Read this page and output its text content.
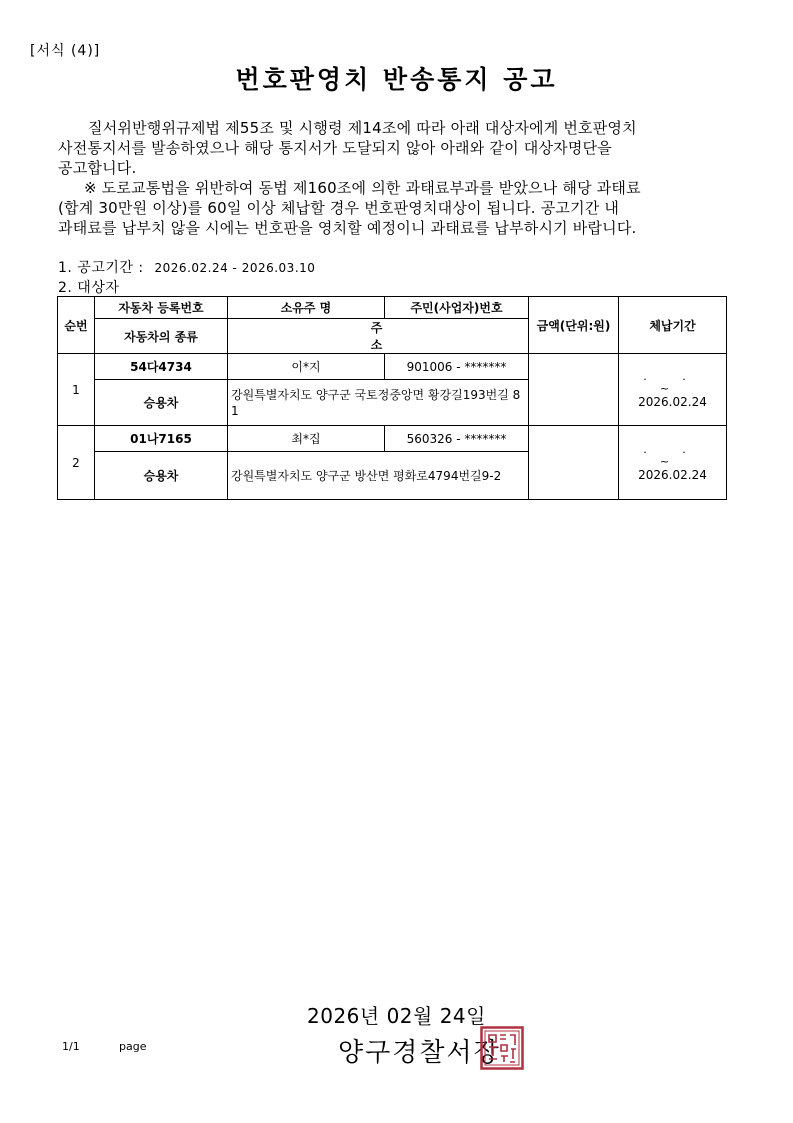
[서식 (4)]
번호판영치 반송통지 공고
질서위반행위규제법 제55조 및 시행령 제14조에 따라 아래 대상자에게 번호판영치
사전통지서를 발송하였으나 해당 통지서가 도달되지 않아 아래와 같이 대상자명단을
공고합니다.
※ 도로교통법을 위반하여 동법 제160조에 의한 과태료부과를 받았으나 해당 과태료
(합계 30만원 이상)를 60일 이상 체납할 경우 번호판영치대상이 됩니다. 공고기간 내
과태료를 납부치 않을 시에는 번호판을 영치할 예정이니 과태료를 납부하시기 바랍니다.
1. 공고기간 : 2026.02.24 - 2026.03.10
2. 대상자
순번	자동차 등록번호	소유주 명	주민(사업자)번호	금액(단위:원)	체납기간
	자동차의 종류	주 소			
1	54다4734	이*지	901006 - *******		. . ~
2026.02.24

	승용차	강원특별자치도 양구군 국토정중앙면 황강길193번길 81			
2	01나7165	최*집	560326 - *******		. . ~
2026.02.24

	승용차	강원특별자치도 양구군 방산면 평화로4794번길9-2			
2026년 02월 24일
1/1	page	양구경찰서장
